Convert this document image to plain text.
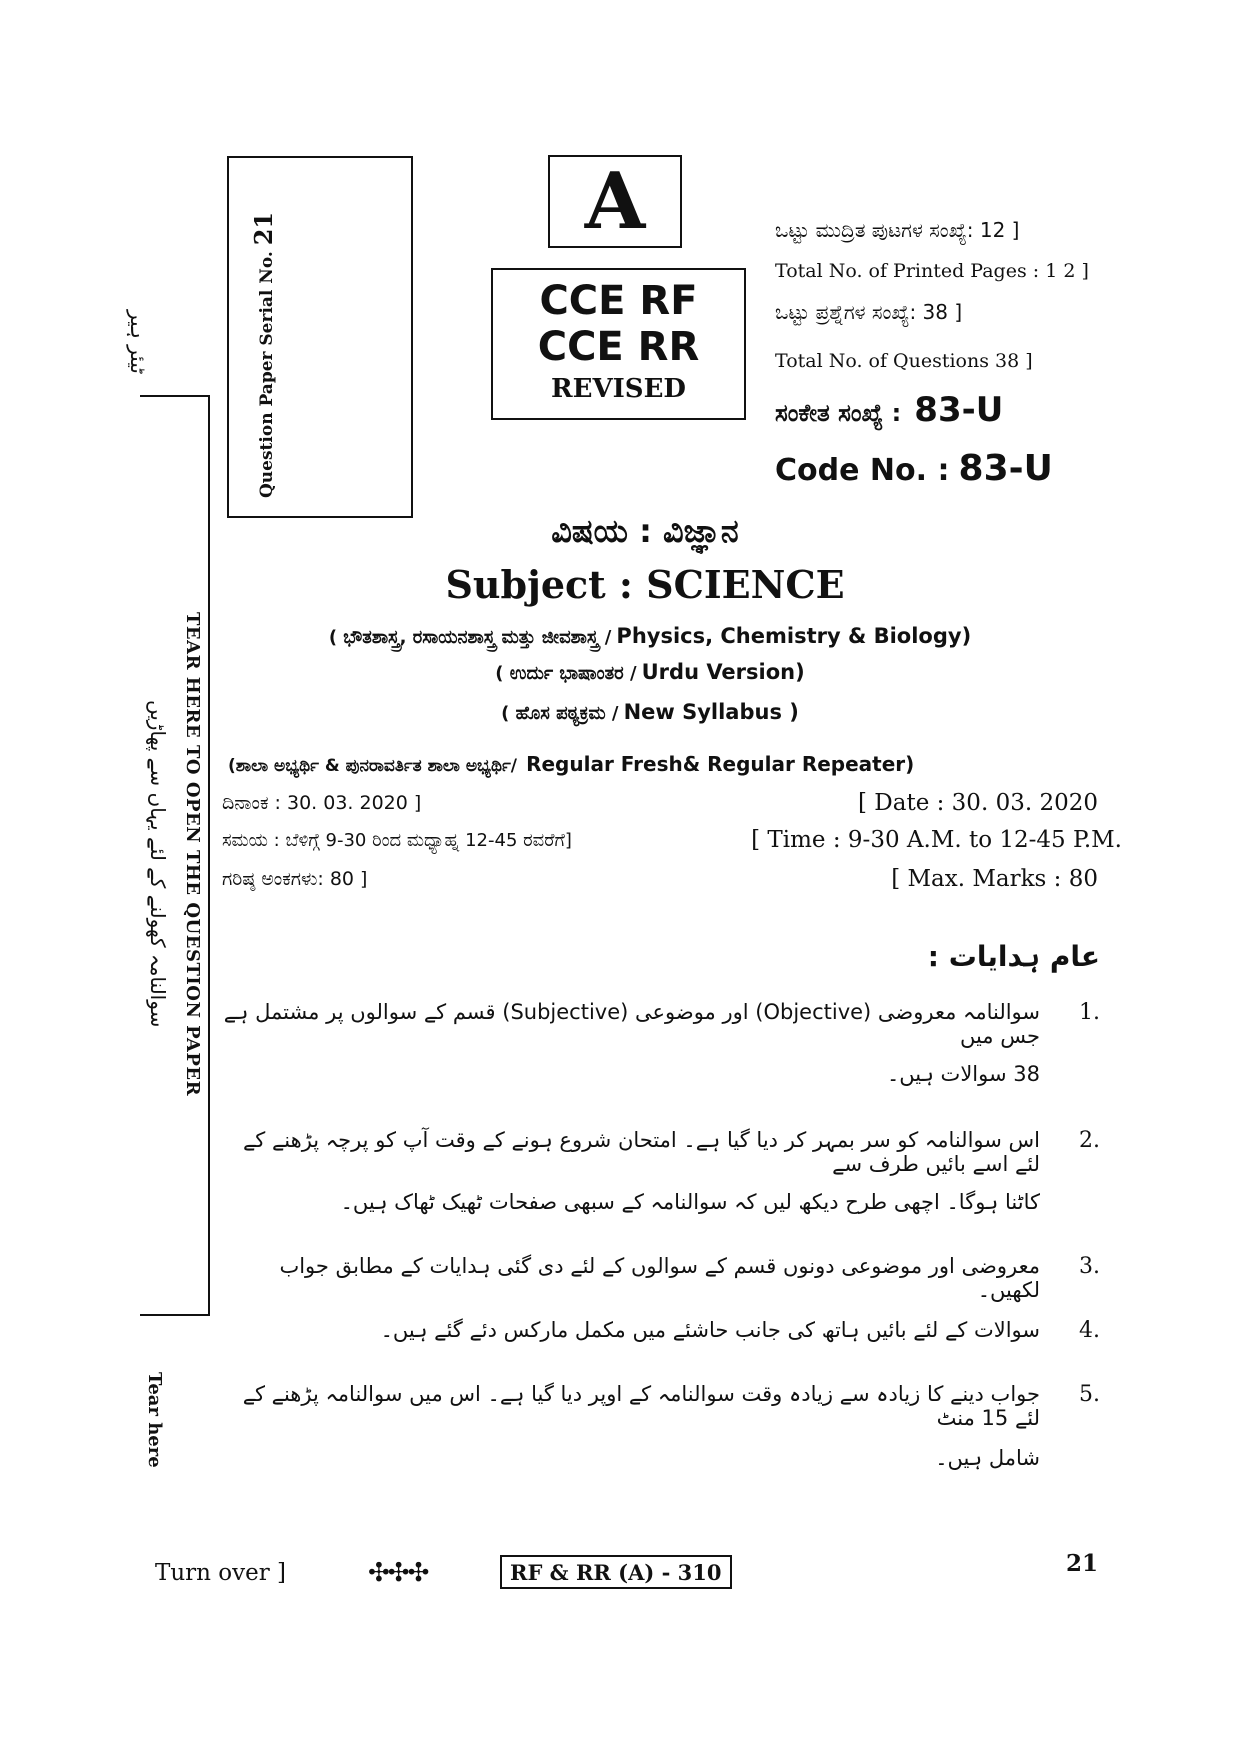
ٹیئر ہیر
TEAR HERE TO OPEN THE QUESTION PAPER
سوالنامہ کھولنے کے لئے یہاں سے پھاڑیں
Tear here
Question Paper Serial No. 21	A
CCE RF
CCE RR
REVISED
ಒಟ್ಟು ಮುದ್ರಿತ ಪುಟಗಳ ಸಂಖ್ಯೆ: 12 ]
Total No. of Printed Pages : 1 2 ]
ಒಟ್ಟು ಪ್ರಶ್ನೆಗಳ ಸಂಖ್ಯೆ: 38 ]
Total No. of Questions 38 ]
ಸಂಕೇತ ಸಂಖ್ಯೆ : 83-U
Code No. : 83-U
ವಿಷಯ : ವಿಜ್ಞಾನ
Subject : SCIENCE
( ಭೌತಶಾಸ್ತ್ರ, ರಸಾಯನಶಾಸ್ತ್ರ ಮತ್ತು ಜೀವಶಾಸ್ತ್ರ / Physics, Chemistry & Biology)
( ಉರ್ದು ಭಾಷಾಂತರ / Urdu Version)
( ಹೊಸ ಪಠ್ಯಕ್ರಮ / New Syllabus )
(ಶಾಲಾ ಅಭ್ಯರ್ಥಿ & ಪುನರಾವರ್ತಿತ ಶಾಲಾ ಅಭ್ಯರ್ಥಿ/ Regular Fresh& Regular Repeater)
ದಿನಾಂಕ : 30. 03. 2020 ]	[ Date : 30. 03. 2020
ಸಮಯ : ಬೆಳಿಗ್ಗೆ 9-30 ರಿಂದ ಮಧ್ಯಾಹ್ನ 12-45 ರವರೆಗೆ]	[ Time : 9-30 A.M. to 12-45 P.M.
ಗರಿಷ್ಠ ಅಂಕಗಳು: 80 ]	[ Max. Marks : 80
عام ہدایات :
1.
سوالنامہ معروضی (Objective) اور موضوعی (Subjective) قسم کے سوالوں پر مشتمل ہے جس میں
38 سوالات ہیں۔
2.
اس سوالنامہ کو سر بمہر کر دیا گیا ہے۔ امتحان شروع ہونے کے وقت آپ کو پرچہ پڑھنے کے لئے اسے بائیں طرف سے
کاٹنا ہوگا۔ اچھی طرح دیکھ لیں کہ سوالنامہ کے سبھی صفحات ٹھیک ٹھاک ہیں۔
3.
معروضی اور موضوعی دونوں قسم کے سوالوں کے لئے دی گئی ہدایات کے مطابق جواب لکھیں۔
4.
سوالات کے لئے بائیں ہاتھ کی جانب حاشئے میں مکمل مارکس دئے گئے ہیں۔
5.
جواب دینے کا زیادہ سے زیادہ وقت سوالنامہ کے اوپر دیا گیا ہے۔ اس میں سوالنامہ پڑھنے کے لئے 15 منٹ
شامل ہیں۔
Turn over ]	✣✣✣	RF & RR (A) - 310	21
